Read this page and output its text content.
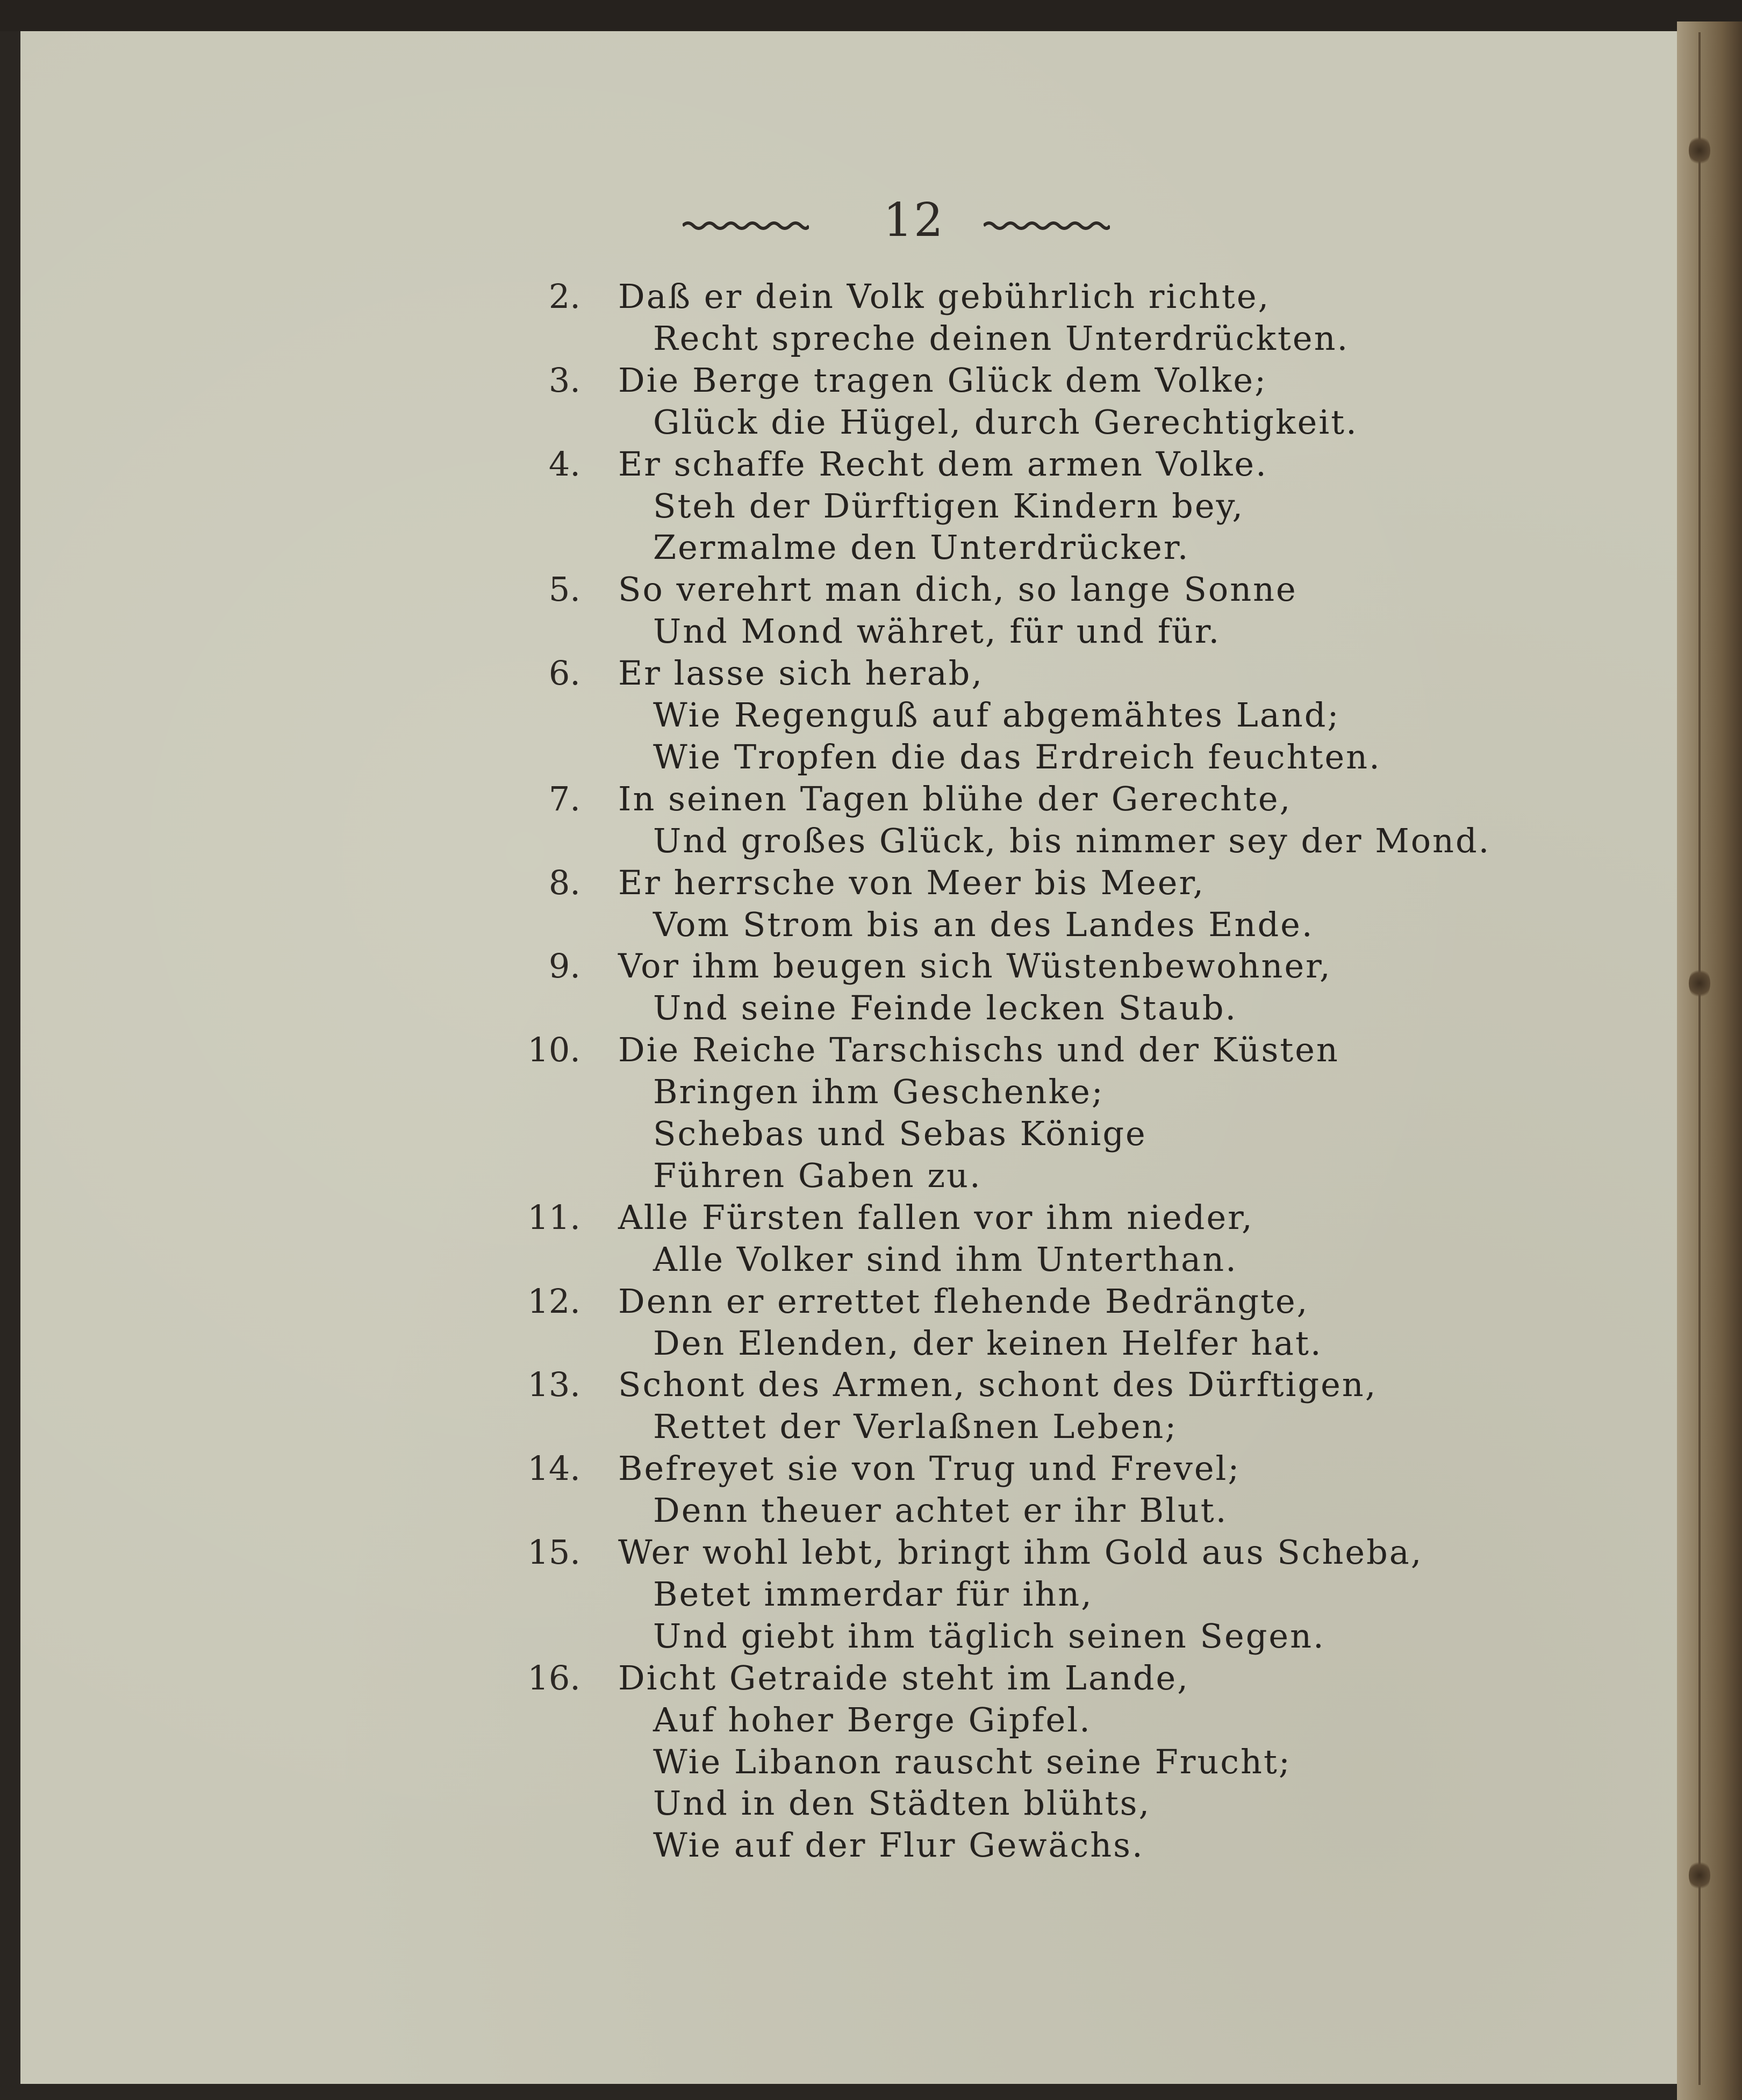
12
2. Daß er dein Volk gebührlich richte,
Recht spreche deinen Unterdrückten.
3. Die Berge tragen Glück dem Volke;
Glück die Hügel, durch Gerechtigkeit.
4. Er schaffe Recht dem armen Volke.
Steh der Dürftigen Kindern bey,
Zermalme den Unterdrücker.
5. So verehrt man dich, so lange Sonne
Und Mond währet, für und für.
6. Er lasse sich herab,
Wie Regenguß auf abgemähtes Land;
Wie Tropfen die das Erdreich feuchten.
7. In seinen Tagen blühe der Gerechte,
Und großes Glück, bis nimmer sey der Mond.
8. Er herrsche von Meer bis Meer,
Vom Strom bis an des Landes Ende.
9. Vor ihm beugen sich Wüstenbewohner,
Und seine Feinde lecken Staub.
10. Die Reiche Tarschischs und der Küsten
Bringen ihm Geschenke;
Schebas und Sebas Könige
Führen Gaben zu.
11. Alle Fürsten fallen vor ihm nieder,
Alle Volker sind ihm Unterthan.
12. Denn er errettet flehende Bedrängte,
Den Elenden, der keinen Helfer hat.
13. Schont des Armen, schont des Dürftigen,
Rettet der Verlaßnen Leben;
14. Befreyet sie von Trug und Frevel;
Denn theuer achtet er ihr Blut.
15. Wer wohl lebt, bringt ihm Gold aus Scheba,
Betet immerdar für ihn,
Und giebt ihm täglich seinen Segen.
16. Dicht Getraide steht im Lande,
Auf hoher Berge Gipfel.
Wie Libanon rauscht seine Frucht;
Und in den Städten blühts,
Wie auf der Flur Gewächs.
